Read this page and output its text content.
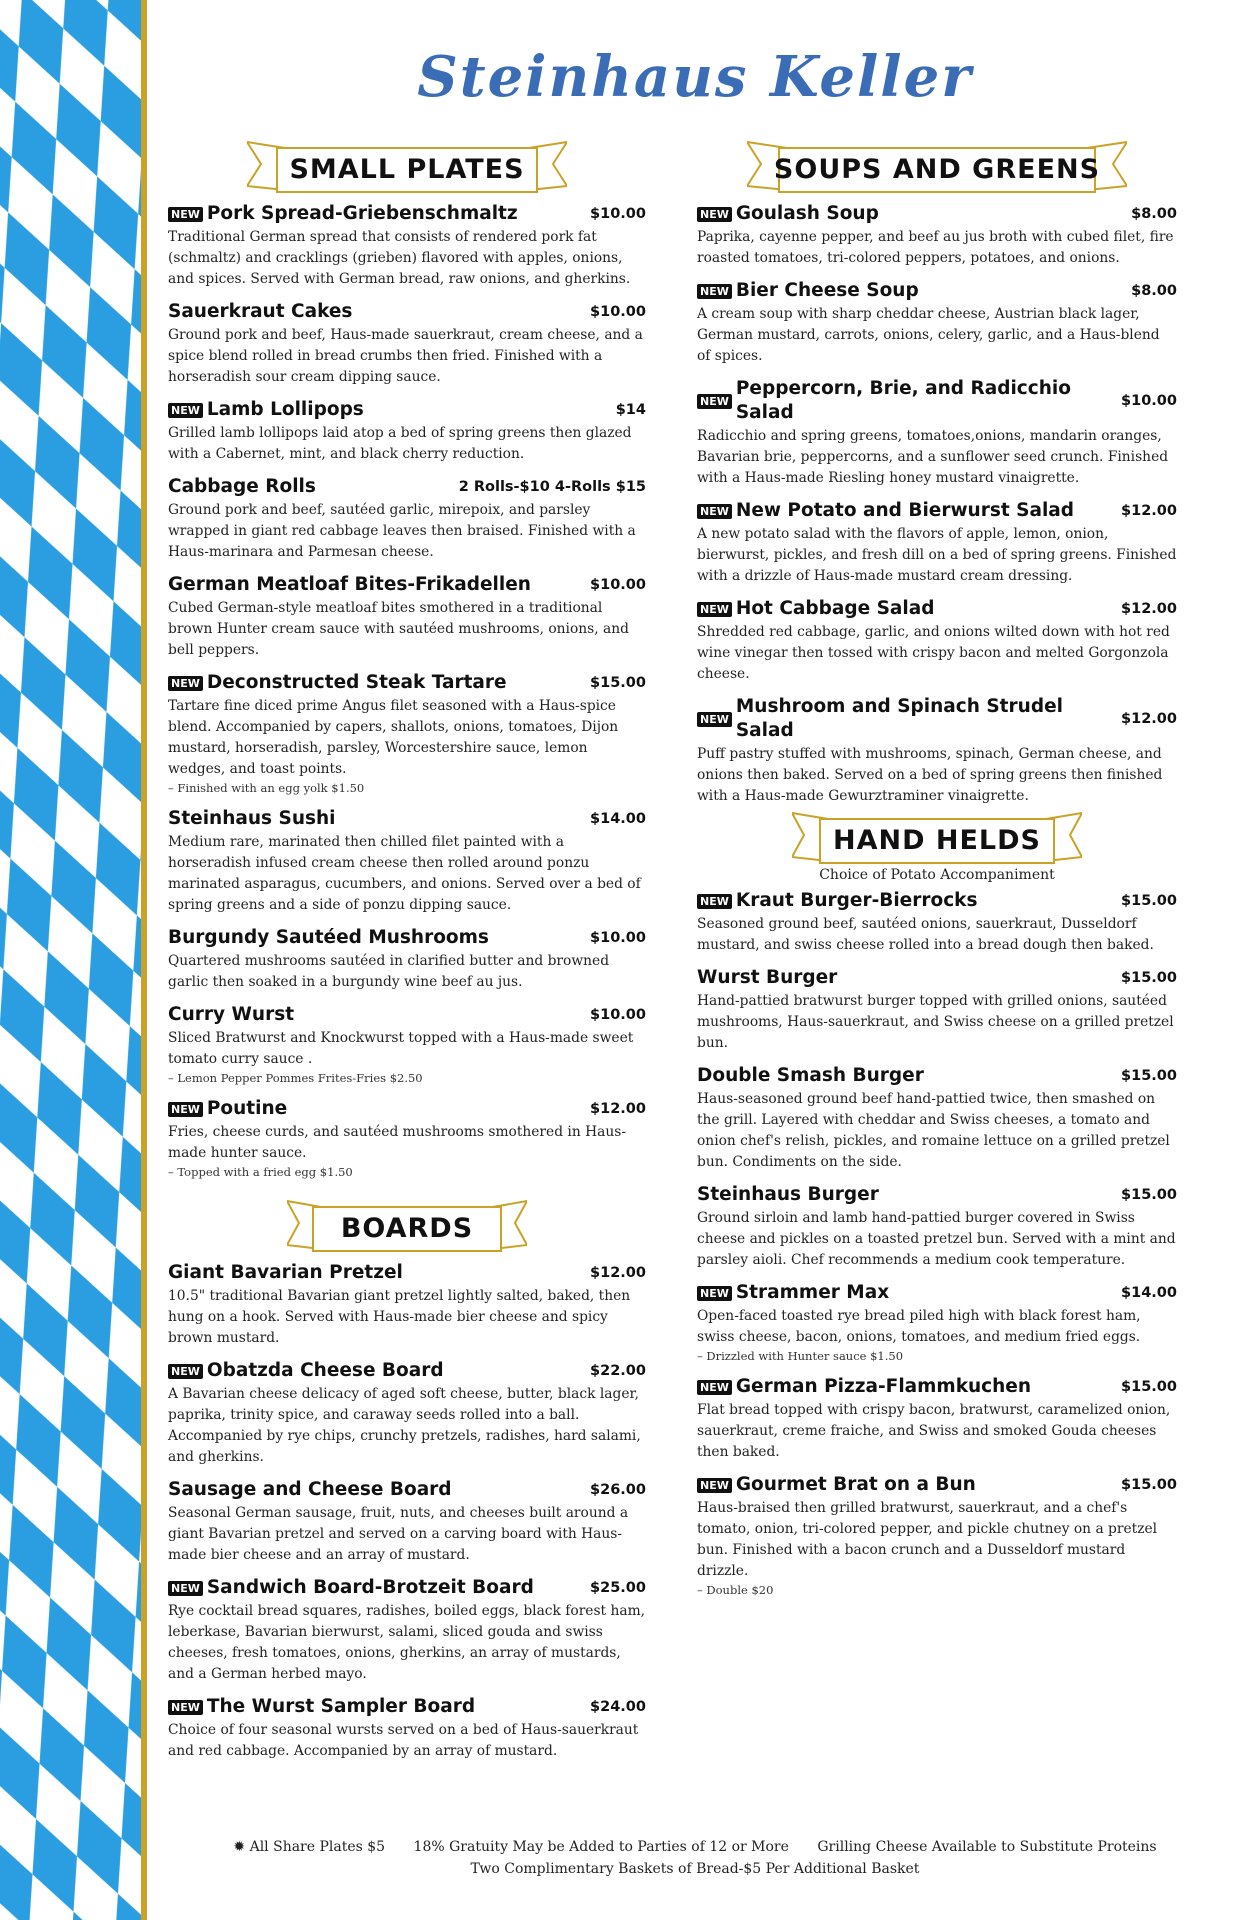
Steinhaus Keller
SMALL PLATES
NEW Pork Spread-Griebenschmaltz	$10.00
Traditional German spread that consists of rendered pork fat (schmaltz) and cracklings (grieben) flavored with apples, onions, and spices. Served with German bread, raw onions, and gherkins.
Sauerkraut Cakes	$10.00
Ground pork and beef, Haus-made sauerkraut, cream cheese, and a spice blend rolled in bread crumbs then fried. Finished with a horseradish sour cream dipping sauce.
NEW Lamb Lollipops	$14
Grilled lamb lollipops laid atop a bed of spring greens then glazed with a Cabernet, mint, and black cherry reduction.
Cabbage Rolls	2 Rolls-$10 4-Rolls $15
Ground pork and beef, sautéed garlic, mirepoix, and parsley wrapped in giant red cabbage leaves then braised. Finished with a Haus-marinara and Parmesan cheese.
German Meatloaf Bites-Frikadellen	$10.00
Cubed German-style meatloaf bites smothered in a traditional brown Hunter cream sauce with sautéed mushrooms, onions, and bell peppers.
NEW Deconstructed Steak Tartare	$15.00
Tartare fine diced prime Angus filet seasoned with a Haus-spice blend. Accompanied by capers, shallots, onions, tomatoes, Dijon mustard, horseradish, parsley, Worcestershire sauce, lemon wedges, and toast points.
– Finished with an egg yolk $1.50
Steinhaus Sushi	$14.00
Medium rare, marinated then chilled filet painted with a horseradish infused cream cheese then rolled around ponzu marinated asparagus, cucumbers, and onions. Served over a bed of spring greens and a side of ponzu dipping sauce.
Burgundy Sautéed Mushrooms	$10.00
Quartered mushrooms sautéed in clarified butter and browned garlic then soaked in a burgundy wine beef au jus.
Curry Wurst	$10.00
Sliced Bratwurst and Knockwurst topped with a Haus-made sweet tomato curry sauce .
– Lemon Pepper Pommes Frites-Fries $2.50
NEW Poutine	$12.00
Fries, cheese curds, and sautéed mushrooms smothered in Haus-made hunter sauce.
– Topped with a fried egg $1.50
BOARDS
Giant Bavarian Pretzel	$12.00
10.5" traditional Bavarian giant pretzel lightly salted, baked, then hung on a hook. Served with Haus-made bier cheese and spicy brown mustard.
NEW Obatzda Cheese Board	$22.00
A Bavarian cheese delicacy of aged soft cheese, butter, black lager, paprika, trinity spice, and caraway seeds rolled into a ball. Accompanied by rye chips, crunchy pretzels, radishes, hard salami, and gherkins.
Sausage and Cheese Board	$26.00
Seasonal German sausage, fruit, nuts, and cheeses built around a giant Bavarian pretzel and served on a carving board with Haus-made bier cheese and an array of mustard.
NEW Sandwich Board-Brotzeit Board	$25.00
Rye cocktail bread squares, radishes, boiled eggs, black forest ham, leberkase, Bavarian bierwurst, salami, sliced gouda and swiss cheeses, fresh tomatoes, onions, gherkins, an array of mustards, and a German herbed mayo.
NEW The Wurst Sampler Board	$24.00
Choice of four seasonal wursts served on a bed of Haus-sauerkraut and red cabbage. Accompanied by an array of mustard.
SOUPS AND GREENS
NEW Goulash Soup	$8.00
Paprika, cayenne pepper, and beef au jus broth with cubed filet, fire roasted tomatoes, tri-colored peppers, potatoes, and onions.
NEW Bier Cheese Soup	$8.00
A cream soup with sharp cheddar cheese, Austrian black lager, German mustard, carrots, onions, celery, garlic, and a Haus-blend of spices.
NEW
Peppercorn, Brie, and Radicchio Salad
$10.00
Radicchio and spring greens, tomatoes,onions, mandarin oranges, Bavarian brie, peppercorns, and a sunflower seed crunch. Finished with a Haus-made Riesling honey mustard vinaigrette.
NEW New Potato and Bierwurst Salad	$12.00
A new potato salad with the flavors of apple, lemon, onion, bierwurst, pickles, and fresh dill on a bed of spring greens. Finished with a drizzle of Haus-made mustard cream dressing.
NEW Hot Cabbage Salad	$12.00
Shredded red cabbage, garlic, and onions wilted down with hot red wine vinegar then tossed with crispy bacon and melted Gorgonzola cheese.
NEW
Mushroom and Spinach Strudel Salad
$12.00
Puff pastry stuffed with mushrooms, spinach, German cheese, and onions then baked. Served on a bed of spring greens then finished with a Haus-made Gewurztraminer vinaigrette.
HAND HELDS
Choice of Potato Accompaniment
NEW Kraut Burger-Bierrocks	$15.00
Seasoned ground beef, sautéed onions, sauerkraut, Dusseldorf mustard, and swiss cheese rolled into a bread dough then baked.
Wurst Burger	$15.00
Hand-pattied bratwurst burger topped with grilled onions, sautéed mushrooms, Haus-sauerkraut, and Swiss cheese on a grilled pretzel bun.
Double Smash Burger	$15.00
Haus-seasoned ground beef hand-pattied twice, then smashed on the grill. Layered with cheddar and Swiss cheeses, a tomato and onion chef's relish, pickles, and romaine lettuce on a grilled pretzel bun. Condiments on the side.
Steinhaus Burger	$15.00
Ground sirloin and lamb hand-pattied burger covered in Swiss cheese and pickles on a toasted pretzel bun. Served with a mint and parsley aioli. Chef recommends a medium cook temperature.
NEW Strammer Max	$14.00
Open-faced toasted rye bread piled high with black forest ham, swiss cheese, bacon, onions, tomatoes, and medium fried eggs.
– Drizzled with Hunter sauce $1.50
NEW German Pizza-Flammkuchen	$15.00
Flat bread topped with crispy bacon, bratwurst, caramelized onion, sauerkraut, creme fraiche, and Swiss and smoked Gouda cheeses then baked.
NEW Gourmet Brat on a Bun	$15.00
Haus-braised then grilled bratwurst, sauerkraut, and a chef's tomato, onion, tri-colored pepper, and pickle chutney on a pretzel bun. Finished with a bacon crunch and a Dusseldorf mustard drizzle.
– Double $20
✹ All Share Plates $5 18% Gratuity May be Added to Parties of 12 or More Grilling Cheese Available to Substitute Proteins
Two Complimentary Baskets of Bread-$5 Per Additional Basket
